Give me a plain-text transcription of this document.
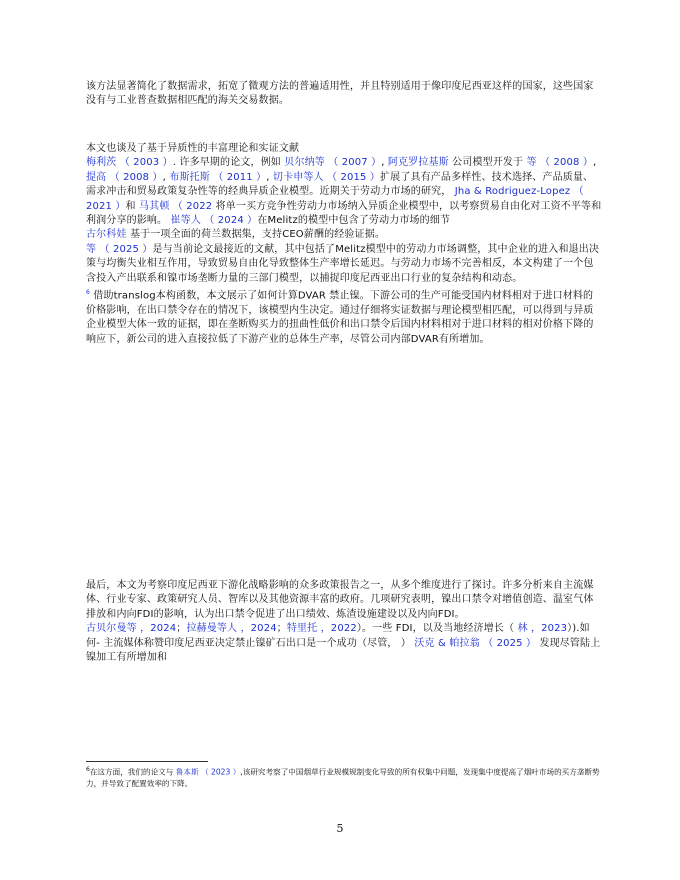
该方法显著简化了数据需求，拓宽了微观方法的普遍适用性，并且特别适用于像印度尼西亚这样的国家，这些国家没有与工业普查数据相匹配的海关交易数据。

本文也谈及了基于异质性的丰富理论和实证文献
梅利茨 （ 2003 ）. 许多早期的论文，例如 贝尔纳等 （ 2007 ）, 阿克罗拉基斯 公司模型开发于 等 （ 2008 ）, 提高 （ 2008 ）, 布斯托斯 （ 2011 ）, 切卡申等人 （ 2015 ）扩展了具有产品多样性、技术选择、产品质量、需求冲击和贸易政策复杂性等的经典异质企业模型。近期关于劳动力市场的研究， Jha & Rodriguez-Lopez （ 2021 ）和 马其顿 （ 2022 将单一买方竞争性劳动力市场纳入异质企业模型中，以考察贸易自由化对工资不平等和利润分享的影响。 崔等人 （ 2024 ）在Melitz的模型中包含了劳动力市场的细节
古尔科娃 基于一项全面的荷兰数据集，支持CEO薪酬的经验证据。
等 （ 2025 ）是与当前论文最接近的文献，其中包括了Melitz模型中的劳动力市场调整，其中企业的进入和退出决策与均衡失业相互作用，导致贸易自由化导致整体生产率增长延迟。与劳动力市场不完善相反，本文构建了一个包含投入产出联系和镍市场垄断力量的三部门模型，以捕捉印度尼西亚出口行业的复杂结构和动态。
$^6$ 借助translog本构函数，本文展示了如何计算DVAR 禁止镍。下游公司的生产可能受国内材料相对于进口材料的价格影响，在出口禁令存在的情况下，该模型内生决定。通过仔细将实证数据与理论模型相匹配，可以得到与异质企业模型大体一致的证据，即在垄断购买力的扭曲性低价和出口禁令后国内材料相对于进口材料的相对价格下降的响应下，新公司的进入直接拉低了下游产业的总体生产率，尽管公司内部DVAR有所增加。

最后，本文为考察印度尼西亚下游化战略影响的众多政策报告之一，从多个维度进行了探讨。许多分析来自主流媒体、行业专家、政策研究人员、智库以及其他资源丰富的政府。几项研究表明，镍出口禁令对增值创造、温室气体排放和内向FDI的影响，认为出口禁令促进了出口绩效、炼渣设施建设以及内向FDI。
古贝尔曼等 ，2024；拉赫曼等人 ，2024；特里托 ，2022）。一些 FDI，以及当地经济增长（ 林 ，2023）).如何- 主流媒体称赞印度尼西亚决定禁止镍矿石出口是一个成功（尽管， ） 沃克 & 帕拉翁 （ 2025 ） 发现尽管陆上镍加工有所增加和

$^6$在这方面，我们的论文与 鲁本斯 （ 2023 ）,该研究考察了中国烟草行业规模规制变化导致的所有权集中问题，发现集中度提高了烟叶市场的买方垄断势力，并导致了配置效率的下降。

5
